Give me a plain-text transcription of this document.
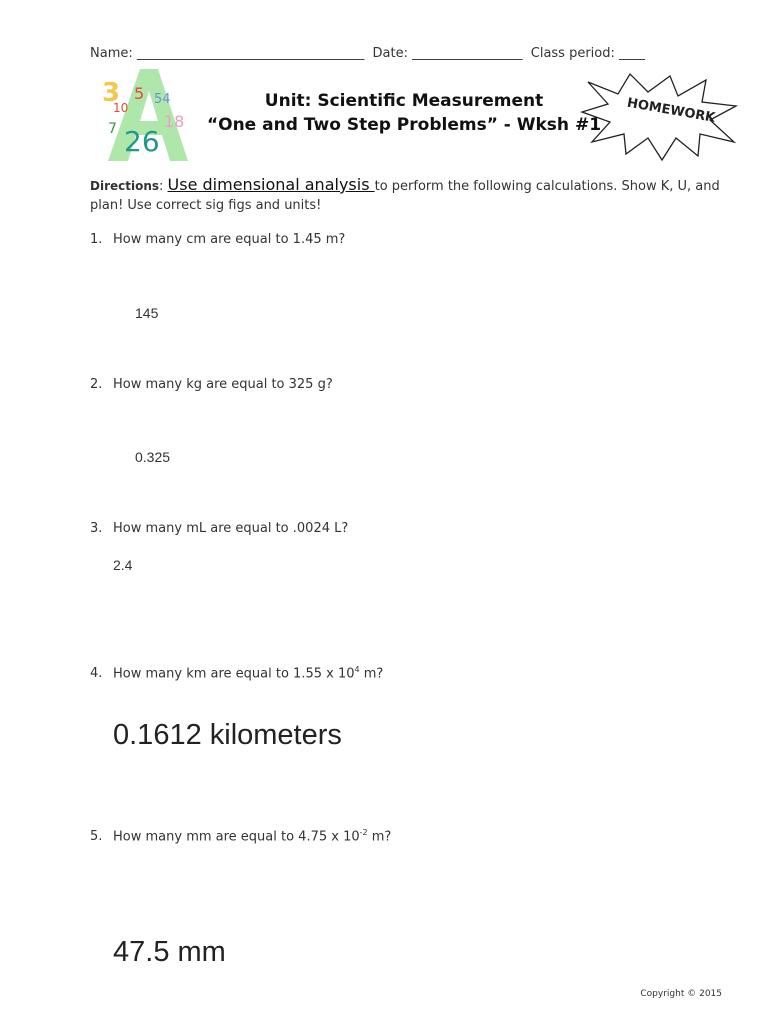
Name: ___________________________________ Date: _________________ Class period: ____
3
10
5 54
7 26
18	HOMEWORK
Unit: Scientific Measurement
“One and Two Step Problems” - Wksh #1
Directions: Use dimensional analysis to perform the following calculations. Show K, U, and plan! Use correct sig figs and units!
1. How many cm are equal to 1.45 m?
145
2. How many kg are equal to 325 g?
0.325
3. How many mL are equal to .0024 L?
2.4
4. How many km are equal to 1.55 x $10^4$ m?
0.1612 kilometers
5. How many mm are equal to 4.75 x $10^{-2}$ m?
47.5 mm
Copyright © 2015
